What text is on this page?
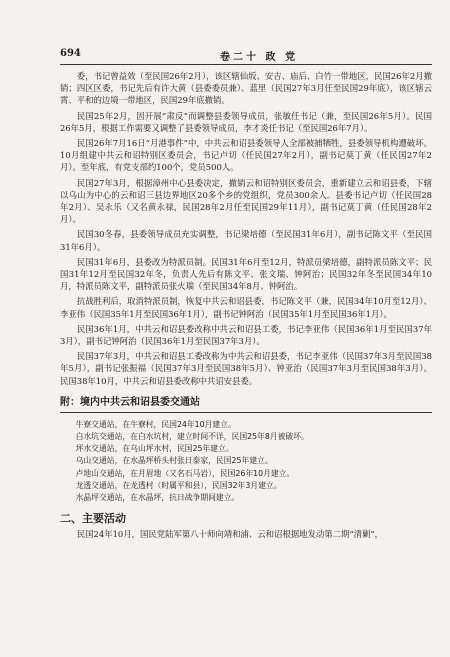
694	卷二十 政 党

委，书记曾益效（至民国26年2月），该区辖仙坂、安吉、庙后、白竹一带地区，民国26年2月撤销；四区区委，书记先后有许大黄（县委委员兼）、蓝里（民国27年3月任至民国29年底），该区辖云霄、平和的边境一带地区，民国29年底撤销。

民国25年2月，因开展“肃反”而调整县委领导成员，张敏任书记（兼，至民国26年5月）。民国26年5月，根据工作需要又调整了县委领导成员，李才炎任书记（至民国26年7月）。

民国26年7月16日“月港事件”中，中共云和诏县委领导人全部被捕牺牲，县委领导机构遭破坏。10月组建中共云和诏特别区委员会，书记卢切（任民国27年2月），副书记莫丁黄（任民国27年2月）。至年底，有党支部约100个，党员500人。

民国27年3月，根据漳州中心县委决定，撤销云和诏特别区委员会，重新建立云和诏县委，下辖以乌山为中心的云和诏三县边界地区20多个乡的党组织，党员300余人。县委书记卢切（任民国28年2月）、吴永乐（又名黄永禄，民国28年2月任至民国29年11月），副书记莫丁黄（任民国28年2月）。

民国30冬春，县委领导成员充实调整，书记梁培德（至民国31年6月），副书记陈文平（至民国31年6月）。

民国31年6月，县委改为特派员制。民国31年6月至12月，特派员梁培德，副特派员陈文平；民国31年12月至民国32年冬，负责人先后有陈文平、张文瑞、钟阿治；民国32年冬至民国34年10月，特派员陈文平，副特派员张火瑞（至民国34年8月、钟阿治。

抗战胜利后，取消特派员制，恢复中共云和诏县委，书记陈文平（兼，民国34年10月至12月）、李亚伟（民国35年1月至民国36年1月），副书记钟阿治（民国35年1月至民国36年1月）。

民国36年1月，中共云和诏县委改称中共云和诏县工委，书记李亚伟（民国36年1月至民国37年3月），副书记钟阿治（民国36年1月至民国37年3月）。

民国37年3月，中共云和诏县工委改称为中共云和诏县委，书记李亚伟（民国37年3月至民国38年5月），副书记张振福（民国37年3月至民国38年5月）、钟亚治（民国37年3月至民国38年3月）。民国38年10月，中共云和诏县委改称中共诏安县委。

附：境内中共云和诏县委交通站
牛寮交通站，在牛寮村，民国24年10月建立。
白水坑交通站，在白水坑村，建立时间不详，民国25年8月被破坏。
坪水交通站，在乌山坪水村，民国25年建立。
乌山交通站，在水晶坪桥头村张日泰家，民国25年建立。
卢地山交通站，在月眉地（又名石马岩），民国26年10月建立。
龙透交通站，在龙透村（时属平和县），民国32年3月建立。
水晶坪交通站，在水晶坪，抗日战争期间建立。
二、主要活动

民国24年10月，国民党陆军第八十师向靖和浦、云和诏根据地发动第二期“清剿”，
